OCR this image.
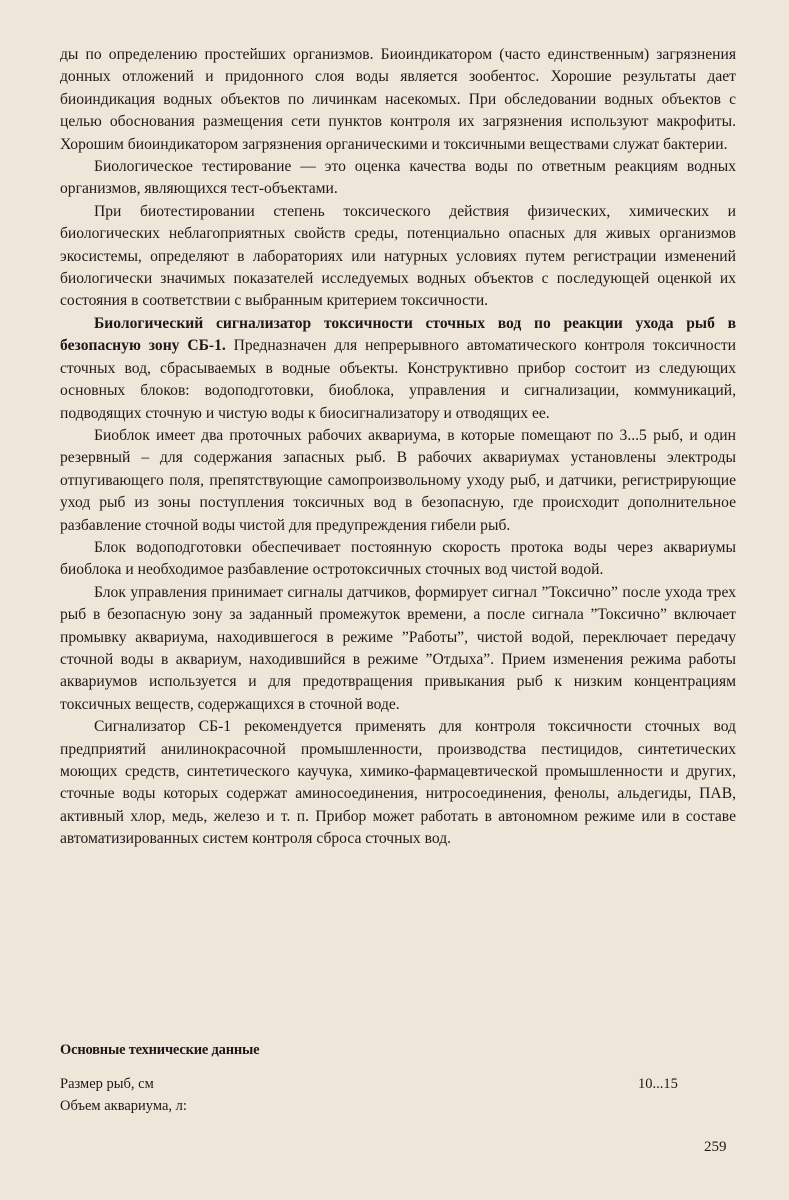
ды по определению простейших организмов. Биоиндикатором (часто единственным) загрязнения донных отложений и придонного слоя воды является зообентос. Хорошие результаты дает биоиндикация водных объектов по личинкам насекомых. При обследовании водных объектов с целью обоснования размещения сети пунктов контроля их загрязнения используют макрофиты. Хорошим биоиндикатором загрязнения органическими и токсичными веществами служат бактерии.

Биологическое тестирование — это оценка качества воды по ответным реакциям водных организмов, являющихся тест-объектами.

При биотестировании степень токсического действия физических, химических и биологических неблагоприятных свойств среды, потенциально опасных для живых организмов экосистемы, определяют в лабораториях или натурных условиях путем регистрации изменений биологически значимых показателей исследуемых водных объектов с последующей оценкой их состояния в соответствии с выбранным критерием токсичности.

Биологический сигнализатор токсичности сточных вод по реакции ухода рыб в безопасную зону СБ-1. Предназначен для непрерывного автоматического контроля токсичности сточных вод, сбрасываемых в водные объекты. Конструктивно прибор состоит из следующих основных блоков: водоподготовки, биоблока, управления и сигнализации, коммуникаций, подводящих сточную и чистую воды к биосигнализатору и отводящих ее.

Биоблок имеет два проточных рабочих аквариума, в которые помещают по 3...5 рыб, и один резервный – для содержания запасных рыб. В рабочих аквариумах установлены электроды отпугивающего поля, препятствующие самопроизвольному уходу рыб, и датчики, регистрирующие уход рыб из зоны поступления токсичных вод в безопасную, где происходит дополнительное разбавление сточной воды чистой для предупреждения гибели рыб.

Блок водоподготовки обеспечивает постоянную скорость протока воды через аквариумы биоблока и необходимое разбавление остротоксичных сточных вод чистой водой.

Блок управления принимает сигналы датчиков, формирует сигнал ”Токсично” после ухода трех рыб в безопасную зону за заданный промежуток времени, а после сигнала ”Токсично” включает промывку аквариума, находившегося в режиме ”Работы”, чистой водой, переключает передачу сточной воды в аквариум, находившийся в режиме ”Отдыха”. Прием изменения режима работы аквариумов используется и для предотвращения привыкания рыб к низким концентрациям токсичных веществ, содержащихся в сточной воде.

Сигнализатор СБ-1 рекомендуется применять для контроля токсичности сточных вод предприятий анилинокрасочной промышленности, производства пестицидов, синтетических моющих средств, синтетического каучука, химико-фармацевтической промышленности и других, сточные воды которых содержат аминосоединения, нитросоединения, фенолы, альдегиды, ПАВ, активный хлор, медь, железо и т. п. Прибор может работать в автономном режиме или в составе автоматизированных систем контроля сброса сточных вод.

Основные технические данные
Размер рыб, см	10...15
Объем аквариума, л:
259
